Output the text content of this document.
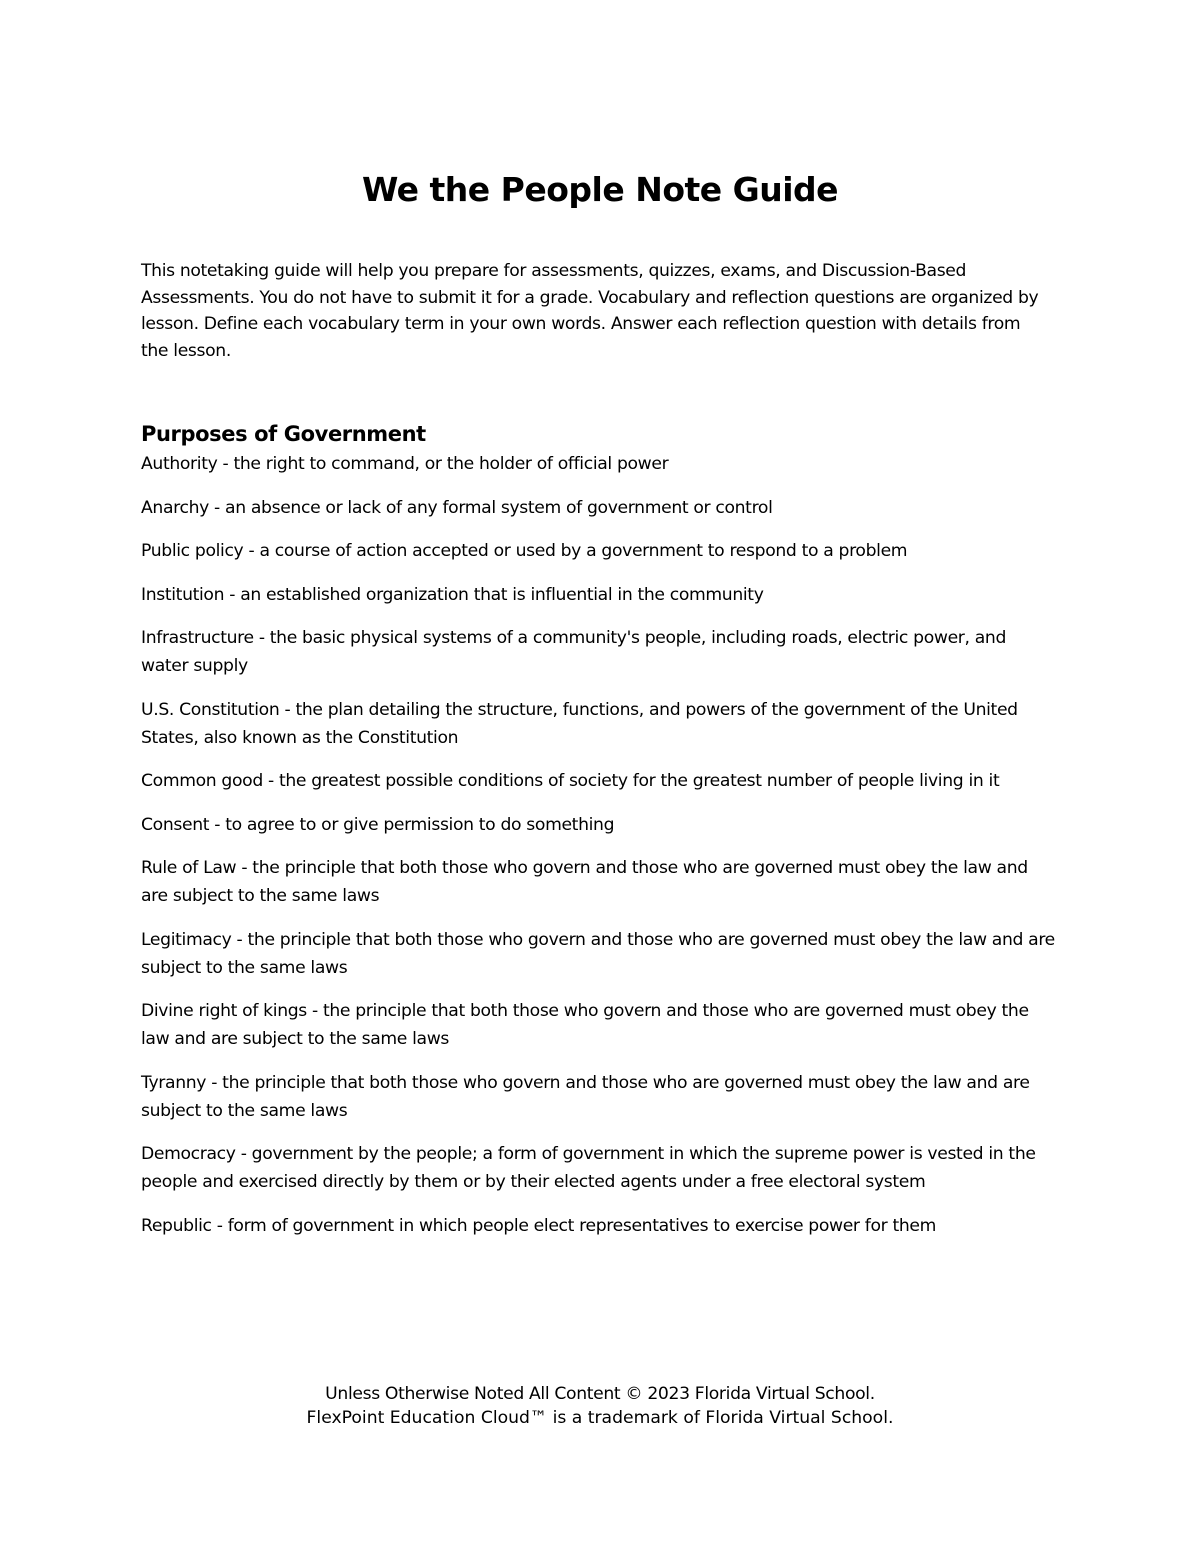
We the People Note Guide

This notetaking guide will help you prepare for assessments, quizzes, exams, and Discussion-Based Assessments. You do not have to submit it for a grade. Vocabulary and reflection questions are organized by lesson. Define each vocabulary term in your own words. Answer each reflection question with details from the lesson.

Purposes of Government
Authority - the right to command, or the holder of official power
Anarchy - an absence or lack of any formal system of government or control
Public policy - a course of action accepted or used by a government to respond to a problem
Institution - an established organization that is influential in the community
Infrastructure - the basic physical systems of a community's people, including roads, electric power, and water supply
U.S. Constitution - the plan detailing the structure, functions, and powers of the government of the United States, also known as the Constitution
Common good - the greatest possible conditions of society for the greatest number of people living in it
Consent - to agree to or give permission to do something
Rule of Law - the principle that both those who govern and those who are governed must obey the law and are subject to the same laws
Legitimacy - the principle that both those who govern and those who are governed must obey the law and are subject to the same laws
Divine right of kings - the principle that both those who govern and those who are governed must obey the law and are subject to the same laws
Tyranny - the principle that both those who govern and those who are governed must obey the law and are subject to the same laws
Democracy - government by the people; a form of government in which the supreme power is vested in the people and exercised directly by them or by their elected agents under a free electoral system
Republic - form of government in which people elect representatives to exercise power for them
Unless Otherwise Noted All Content © 2023 Florida Virtual School.
FlexPoint Education Cloud™ is a trademark of Florida Virtual School.
